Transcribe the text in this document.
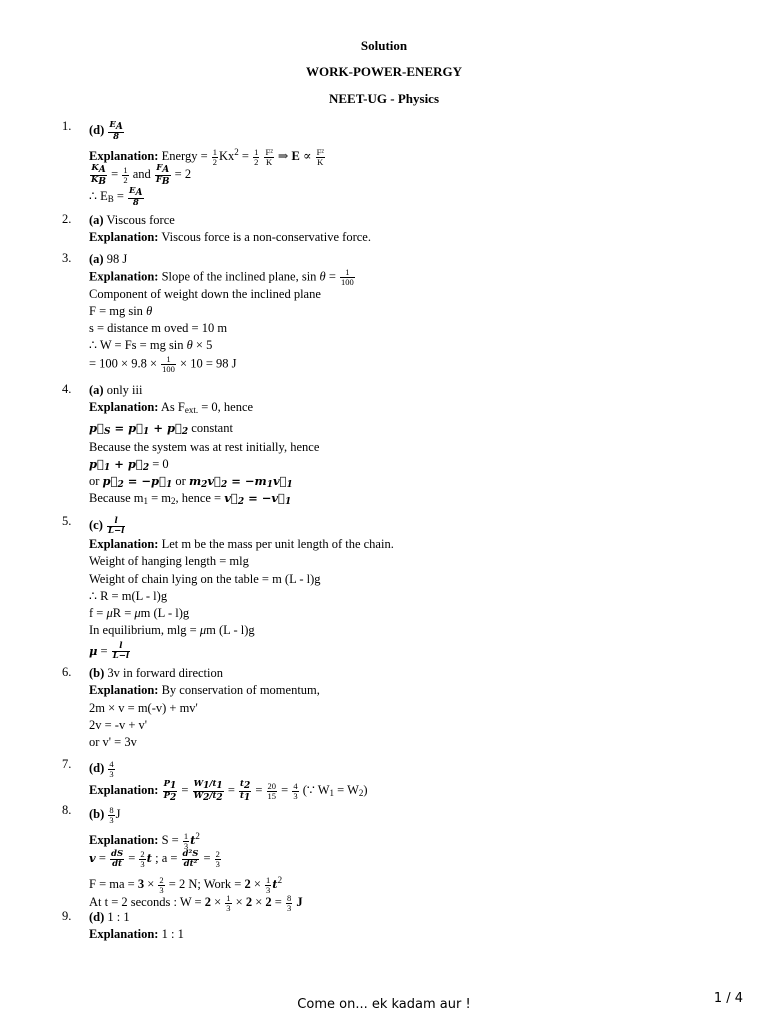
Solution
WORK-POWER-ENERGY
NEET-UG - Physics
1.	$(d) \frac{EA}{8}$
Explanation: Energy = $\frac{1}{2} Kx^2 = \frac{1}{2}$
$\frac{\text{F²}}{K}$ ⇒ $E \propto \frac{\text{F²}}{K}$
$\frac{KA}{KB} = \frac{1}{2}$ and $\frac{FA}{FB} = 2$
∴ $E_B = \frac{EA}{8}$
2.	(a) Viscous force
Explanation: Viscous force is a non-conservative force.
3.	(a) 98 J
Explanation: Slope of the inclined plane, $\sin \theta = \frac{1}{100}$
Component of weight down the inclined plane
F = mg sin θ
s = distance m oved = 10 m
∴ W = Fs = mg sin θ × 5
= $100 \times 9.8 \times \frac{1}{100} \times 10 = 98$ J
4.	(a) only iii
Explanation: As $F_{ext.} = 0$, hence
$p⃗_S$ = $p⃗_1$ + $p⃗_2$ constant
Because the system was at rest initially, hence
$p⃗_1$ + $p⃗_2 = 0$
or $p⃗_2$ = $-p⃗_1$ or $m_2v⃗_2$ = $-m_1v⃗_1$
Because $m_1 = m_2$, hence = $v⃗_2$ = $-v⃗_1$
5.	$(c) \frac{l}{L-l}$
Explanation: Let m be the mass per unit length of the chain.
Weight of hanging length = mlg
Weight of chain lying on the table = m (L - l)g
∴ R = m(L - l)g
f = μR = μm (L - l)g
In equilibrium, mlg = μm (L - l)g
$\mu = \frac{l}{L-l}$
6.	(b) 3v in forward direction
Explanation: By conservation of momentum,
2m × v = m(-v) + mv'
2v = -v + v'
or v' = 3v
7.	$(d) \frac{4}{3}$
Explanation: $\frac{P1}{P2} = \frac{W1/t1}{W2/t2} = \frac{t2}{t1} = \frac{20}{15} = \frac{4}{3}$ (∵ $W_1 = W_2$)
8.	$(b) \frac{8}{3}$ J
Explanation: $S = \frac{1}{3} t^2$
$v = \frac{dS}{dt} = \frac{2}{3}$ t ; $a = \frac{\text{d²S}}{\text{dt²}} = \frac{2}{3}$
F = ma = $3 \times \frac{2}{3} = 2$ N; Work = $2 \times \frac{1}{3} t^2$
At t = 2 seconds : $W = 2 \times \frac{1}{3} \times 2 \times 2 = \frac{8}{3}$ J
9.	(d) 1 : 1
Explanation: 1 : 1
Come on... ek kadam aur !	1 / 4
